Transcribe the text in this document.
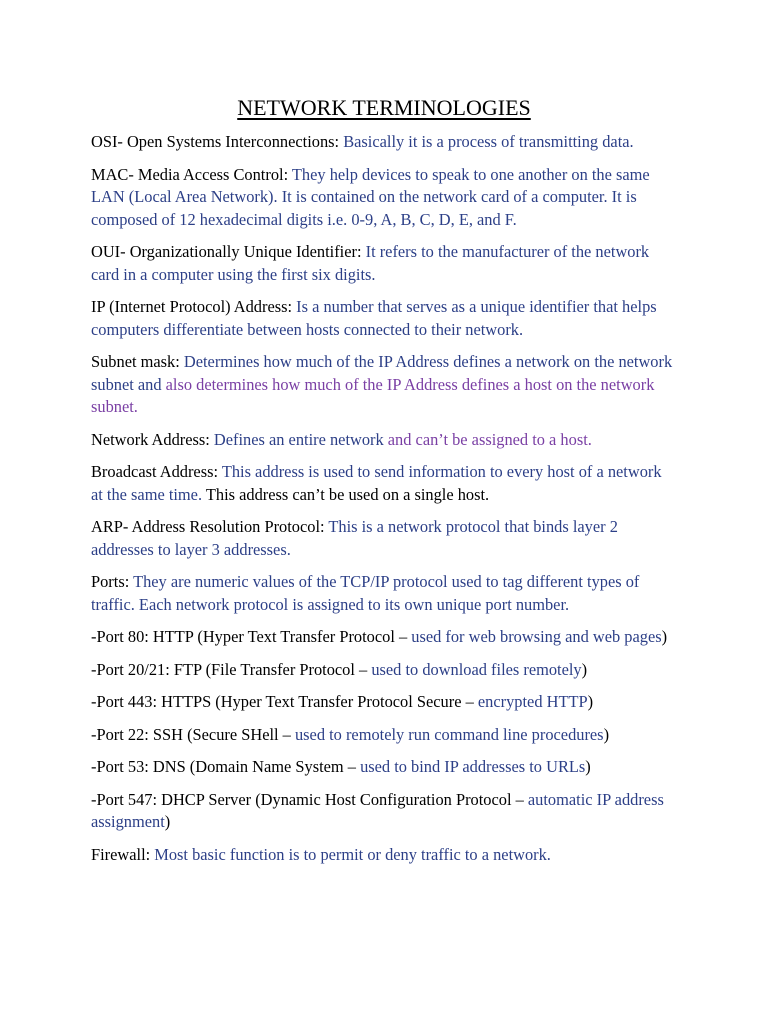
NETWORK TERMINOLOGIES

OSI- Open Systems Interconnections: Basically it is a process of transmitting data.

MAC- Media Access Control: They help devices to speak to one another on the same LAN (Local Area Network). It is contained on the network card of a computer. It is composed of 12 hexadecimal digits i.e. 0-9, A, B, C, D, E, and F.

OUI- Organizationally Unique Identifier: It refers to the manufacturer of the network card in a computer using the first six digits.

IP (Internet Protocol) Address: Is a number that serves as a unique identifier that helps computers differentiate between hosts connected to their network.

Subnet mask: Determines how much of the IP Address defines a network on the network subnet and also determines how much of the IP Address defines a host on the network subnet.

Network Address: Defines an entire network and can’t be assigned to a host.

Broadcast Address: This address is used to send information to every host of a network at the same time. This address can’t be used on a single host.

ARP- Address Resolution Protocol: This is a network protocol that binds layer 2 addresses to layer 3 addresses.

Ports: They are numeric values of the TCP/IP protocol used to tag different types of traffic. Each network protocol is assigned to its own unique port number.

-Port 80: HTTP (Hyper Text Transfer Protocol – used for web browsing and web pages)

-Port 20/21: FTP (File Transfer Protocol – used to download files remotely)

-Port 443: HTTPS (Hyper Text Transfer Protocol Secure – encrypted HTTP)

-Port 22: SSH (Secure SHell – used to remotely run command line procedures)

-Port 53: DNS (Domain Name System – used to bind IP addresses to URLs)

-Port 547: DHCP Server (Dynamic Host Configuration Protocol – automatic IP address assignment)

Firewall: Most basic function is to permit or deny traffic to a network.
